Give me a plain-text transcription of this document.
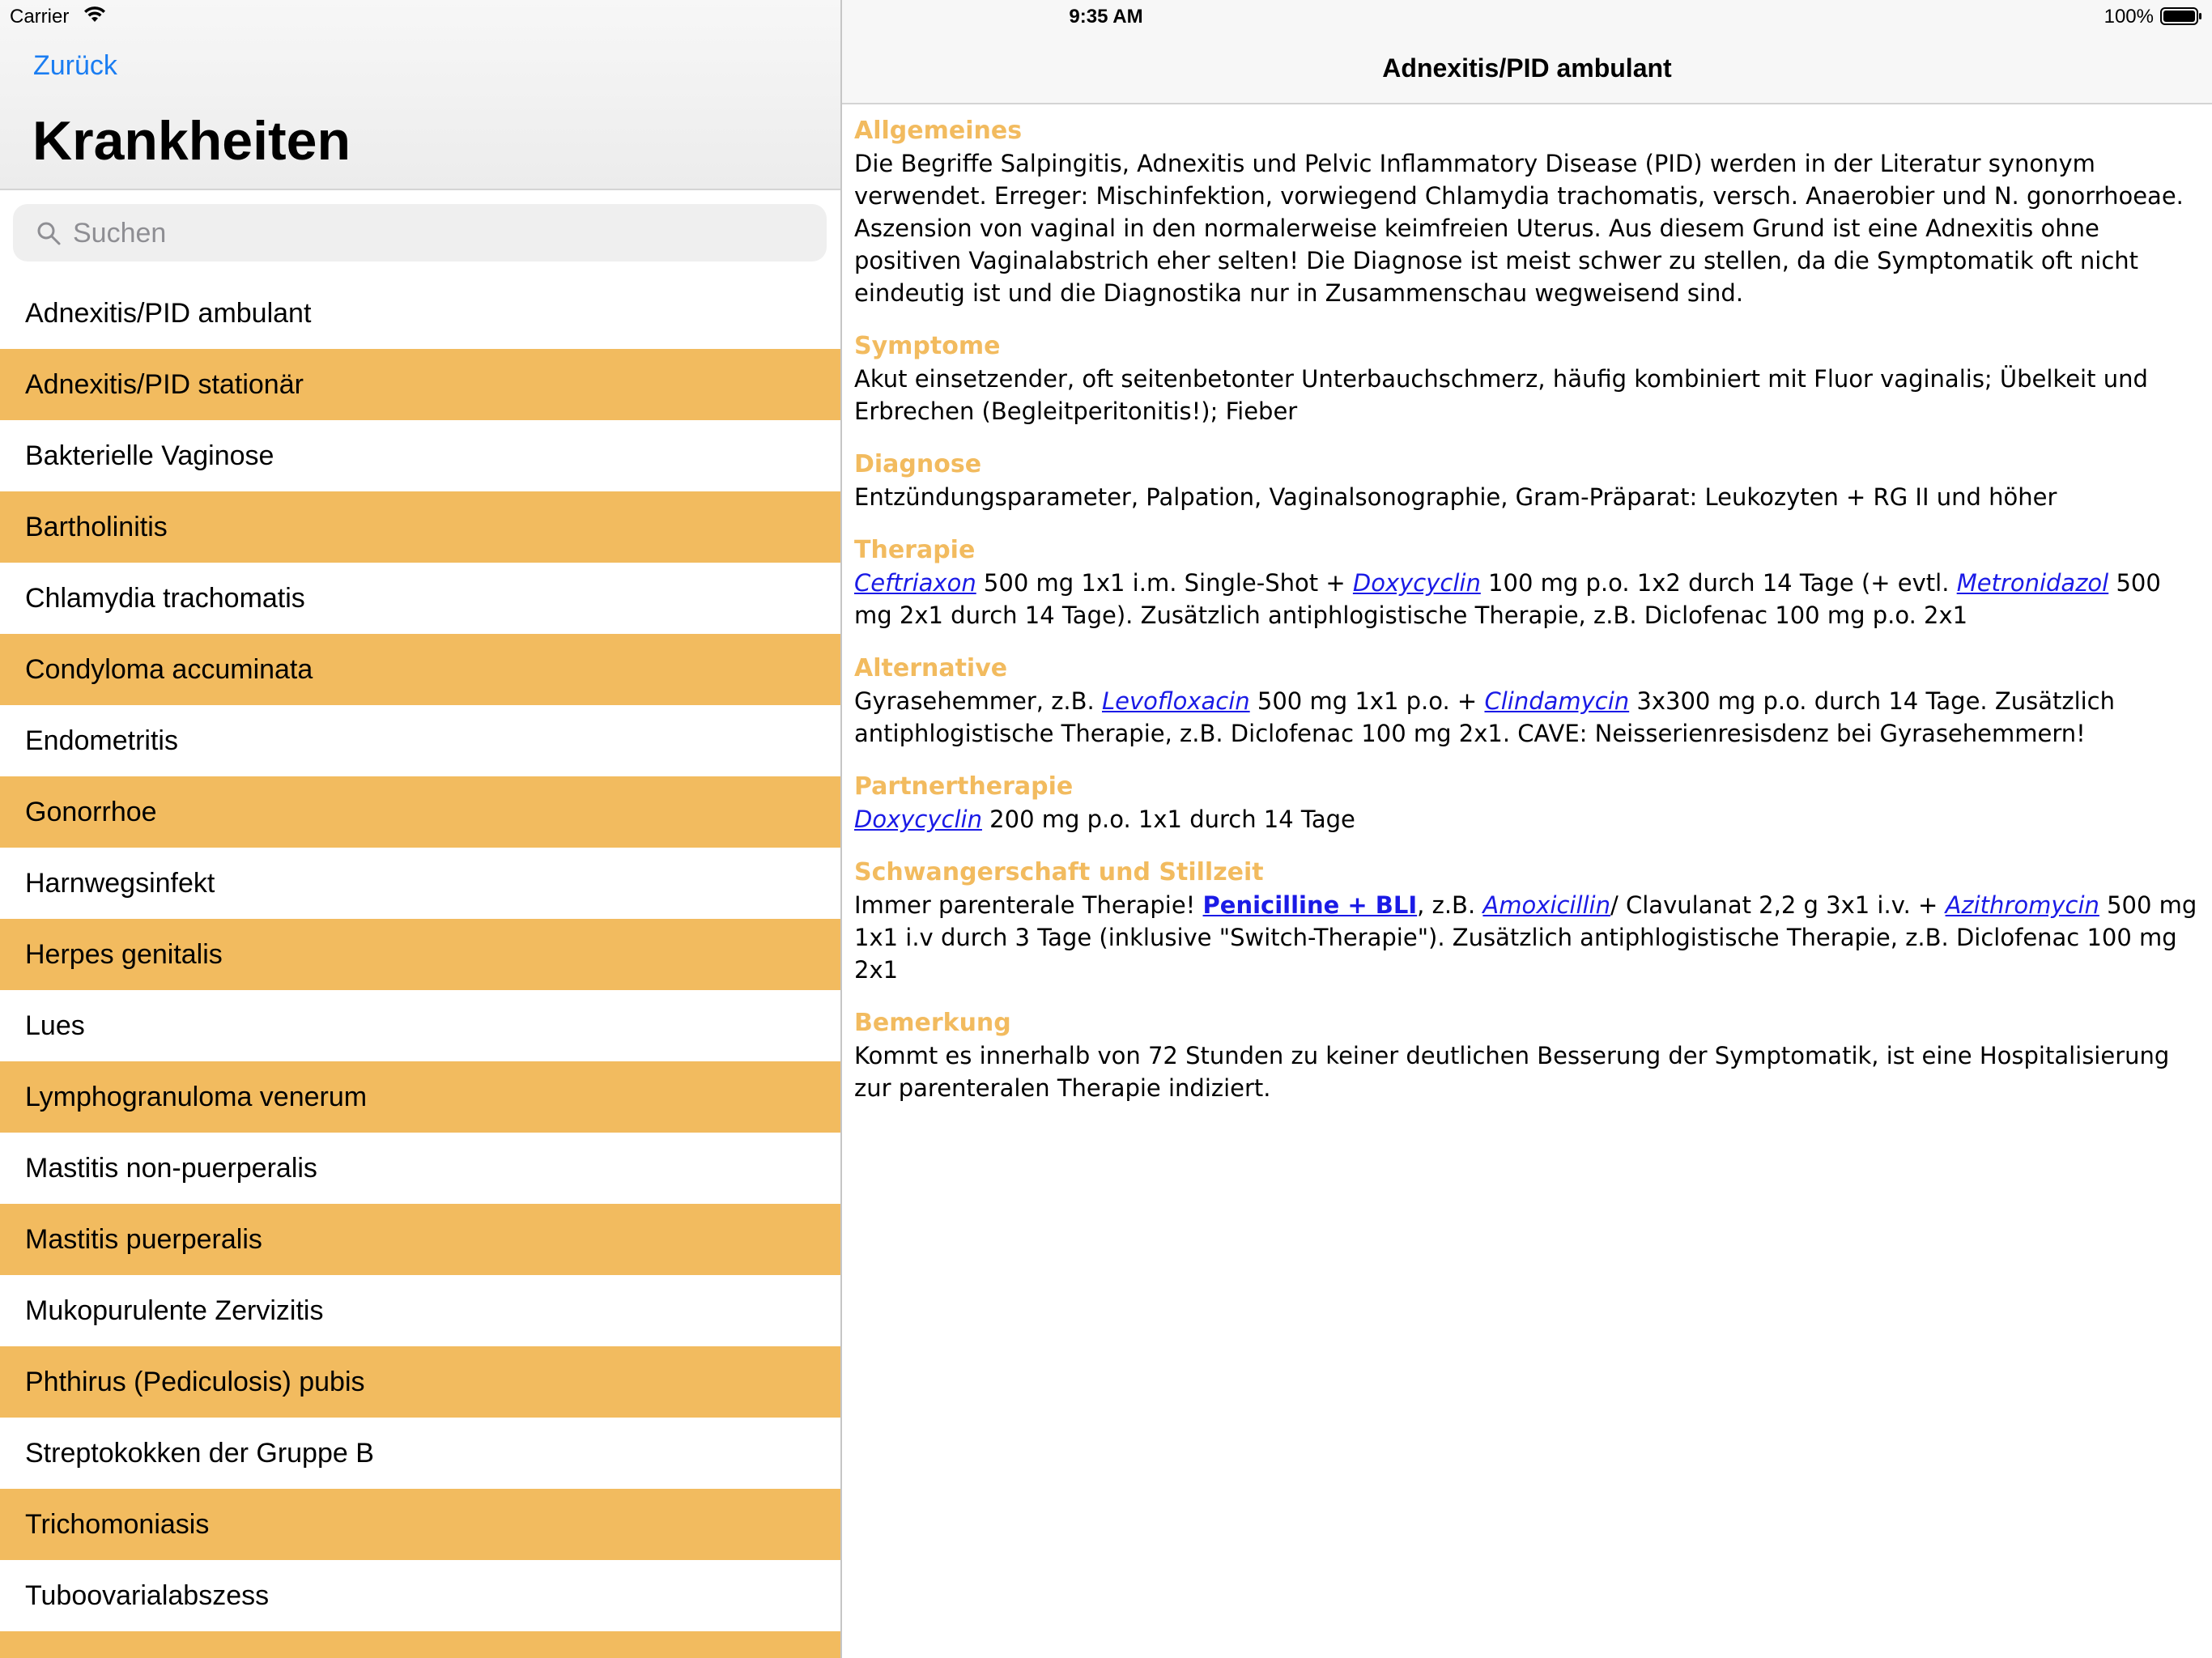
Carrier	9:35 AM	100%
Zurück
Krankheiten
Suchen
Adnexitis/PID ambulant
Adnexitis/PID stationär
Bakterielle Vaginose
Bartholinitis
Chlamydia trachomatis
Condyloma accuminata
Endometritis
Gonorrhoe
Harnwegsinfekt
Herpes genitalis
Lues
Lymphogranuloma venerum
Mastitis non-puerperalis
Mastitis puerperalis
Mukopurulente Zervizitis
Phthirus (Pediculosis) pubis
Streptokokken der Gruppe B
Trichomoniasis
Tuboovarialabszess
Adnexitis/PID ambulant
Allgemeines
Die Begriffe Salpingitis, Adnexitis und Pelvic Inflammatory Disease (PID) werden in der Literatur synonym verwendet. Erreger: Mischinfektion, vorwiegend Chlamydia trachomatis, versch. Anaerobier und N. gonorrhoeae. Aszension von vaginal in den normalerweise keimfreien Uterus. Aus diesem Grund ist eine Adnexitis ohne positiven Vaginalabstrich eher selten! Die Diagnose ist meist schwer zu stellen, da die Symptomatik oft nicht eindeutig ist und die Diagnostika nur in Zusammenschau wegweisend sind.
Symptome
Akut einsetzender, oft seitenbetonter Unterbauchschmerz, häufig kombiniert mit Fluor vaginalis; Übelkeit und Erbrechen (Begleitperitonitis!); Fieber
Diagnose
Entzündungsparameter, Palpation, Vaginalsonographie, Gram-Präparat: Leukozyten + RG II und höher
Therapie
Ceftriaxon 500 mg 1x1 i.m. Single-Shot + Doxycyclin 100 mg p.o. 1x2 durch 14 Tage (+ evtl. Metronidazol 500 mg 2x1 durch 14 Tage). Zusätzlich antiphlogistische Therapie, z.B. Diclofenac 100 mg p.o. 2x1
Alternative
Gyrasehemmer, z.B. Levofloxacin 500 mg 1x1 p.o. + Clindamycin 3x300 mg p.o. durch 14 Tage. Zusätzlich antiphlogistische Therapie, z.B. Diclofenac 100 mg 2x1. CAVE: Neisserienresisdenz bei Gyrasehemmern!
Partnertherapie
Doxycyclin 200 mg p.o. 1x1 durch 14 Tage
Schwangerschaft und Stillzeit
Immer parenterale Therapie! Penicilline + BLI, z.B. Amoxicillin/ Clavulanat 2,2 g 3x1 i.v. + Azithromycin 500 mg 1x1 i.v durch 3 Tage (inklusive "Switch-Therapie"). Zusätzlich antiphlogistische Therapie, z.B. Diclofenac 100 mg 2x1
Bemerkung
Kommt es innerhalb von 72 Stunden zu keiner deutlichen Besserung der Symptomatik, ist eine Hospitalisierung zur parenteralen Therapie indiziert.
